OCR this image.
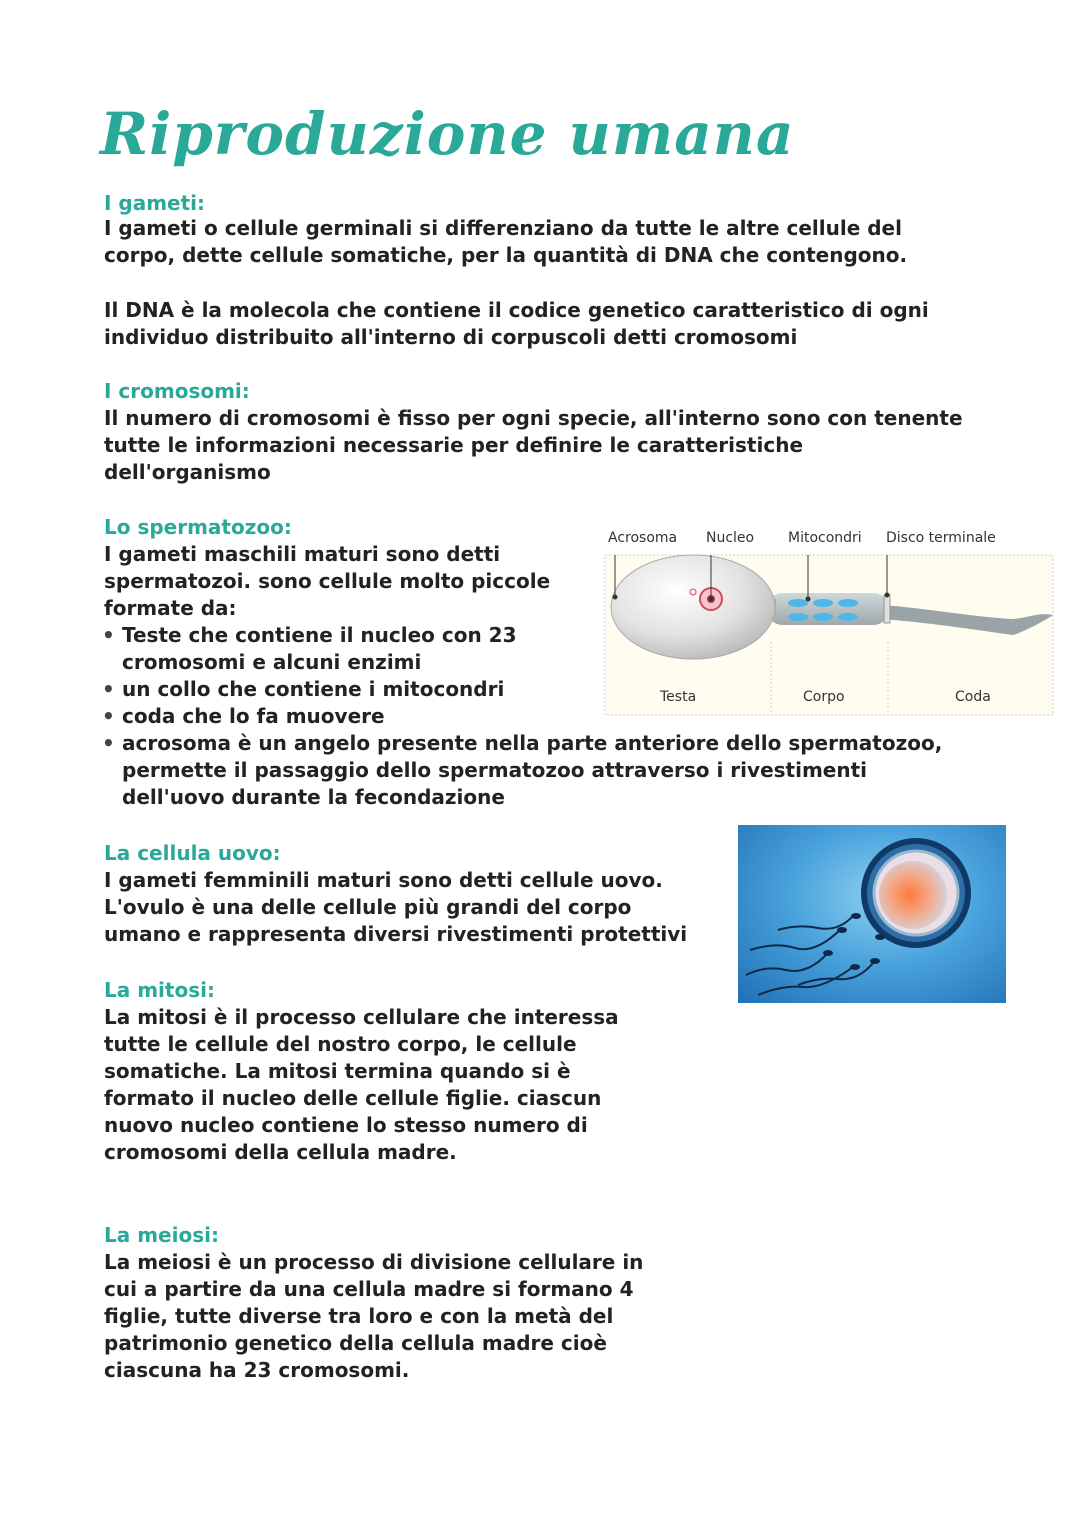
Riproduzione umana
I gameti:

I gameti o cellule germinali si differenziano da tutte le altre cellule del corpo, dette cellule somatiche, per la quantità di DNA che contengono.

Il DNA è la molecola che contiene il codice genetico caratteristico di ogni individuo distribuito all'interno di corpuscoli detti cromosomi

I cromosomi:

Il numero di cromosomi è fisso per ogni specie, all'interno sono con tenente tutte le informazioni necessarie per definire le caratteristiche dell'organismo

Lo spermatozoo:

I gameti maschili maturi sono detti spermatozoi. sono cellule molto piccole formate da:

• Teste che contiene il nucleo con 23 cromosomi e alcuni enzimi
• un collo che contiene i mitocondri
• coda che lo fa muovere
• acrosoma è un angelo presente nella parte anteriore dello spermatozoo, permette il passaggio dello spermatozoo attraverso i rivestimenti dell'uovo durante la fecondazione
Acrosoma Nucleo Mitocondri Disco terminale
Testa	Corpo	Coda
La cellula uovo:

I gameti femminili maturi sono detti cellule uovo. L'ovulo è una delle cellule più grandi del corpo umano e rappresenta diversi rivestimenti protettivi

La mitosi:

La mitosi è il processo cellulare che interessa tutte le cellule del nostro corpo, le cellule somatiche. La mitosi termina quando si è formato il nucleo delle cellule figlie. ciascun nuovo nucleo contiene lo stesso numero di cromosomi della cellula madre.

La meiosi:

La meiosi è un processo di divisione cellulare in cui a partire da una cellula madre si formano 4 figlie, tutte diverse tra loro e con la metà del patrimonio genetico della cellula madre cioè ciascuna ha 23 cromosomi.
